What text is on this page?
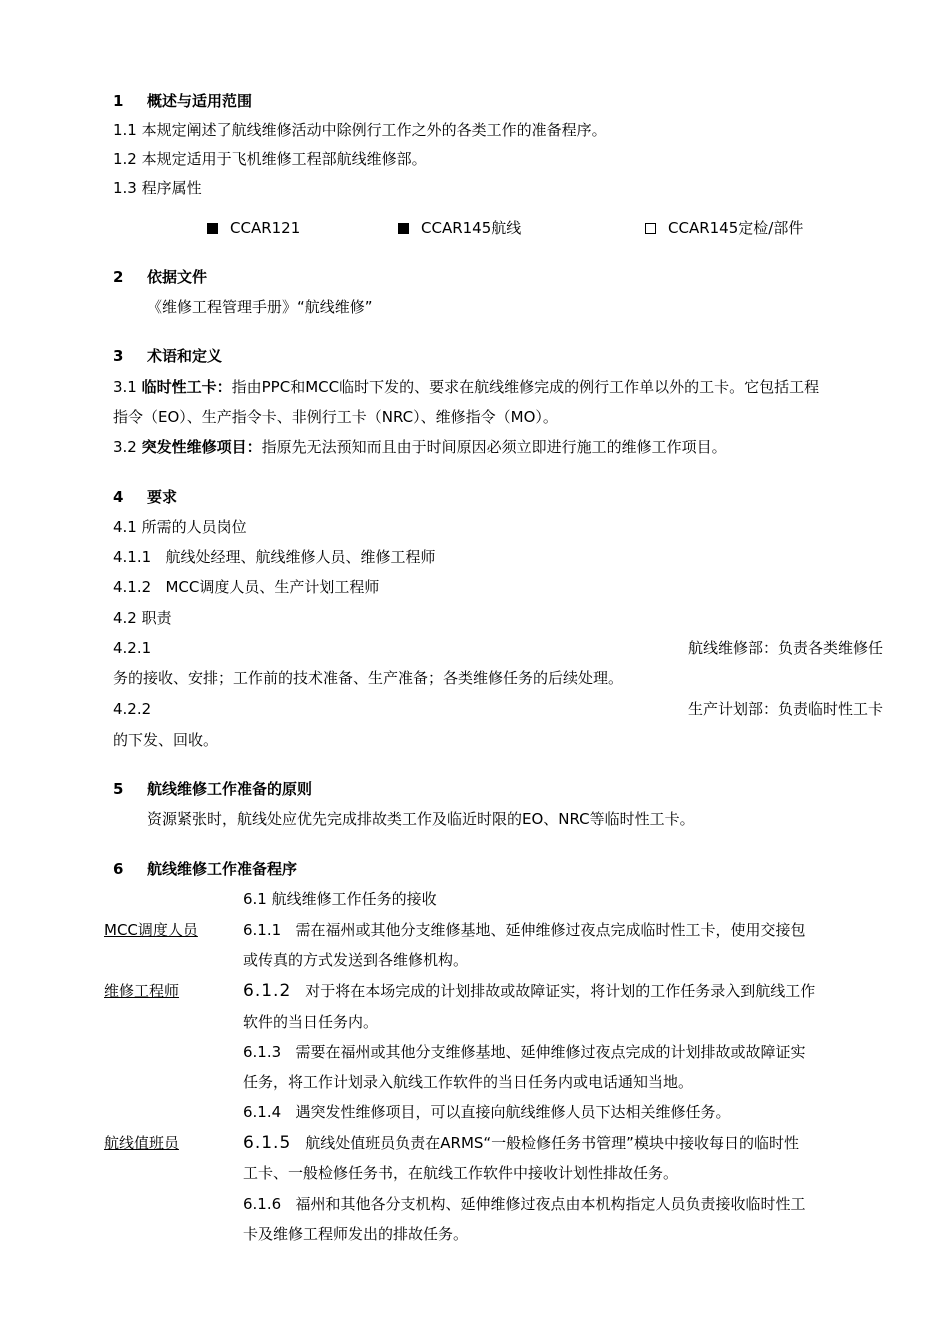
1 概述与适用范围
1.1 本规定阐述了航线维修活动中除例行工作之外的各类工作的准备程序。
1.2 本规定适用于飞机维修工程部航线维修部。
1.3 程序属性
CCAR121	CCAR145航线	CCAR145定检/部件
2 依据文件
《维修工程管理手册》“航线维修”
3 术语和定义
3.1 临时性工卡：指由PPC和MCC临时下发的、要求在航线维修完成的例行工作单以外的工卡。它包括工程
指令（EO）、生产指令卡、非例行工卡（NRC）、维修指令（MO）。
3.2 突发性维修项目：指原先无法预知而且由于时间原因必须立即进行施工的维修工作项目。
4 要求
4.1 所需的人员岗位
4.1.1   航线处经理、航线维修人员、维修工程师
4.1.2   MCC调度人员、生产计划工程师
4.2 职责
4.2.1	航线维修部：负责各类维修任
务的接收、安排；工作前的技术准备、生产准备；各类维修任务的后续处理。
4.2.2	生产计划部：负责临时性工卡
的下发、回收。
5 航线维修工作准备的原则
资源紧张时，航线处应优先完成排故类工作及临近时限的EO、NRC等临时性工卡。
6 航线维修工作准备程序
6.1 航线维修工作任务的接收
MCC调度人员	6.1.1   需在福州或其他分支维修基地、延伸维修过夜点完成临时性工卡，使用交接包
或传真的方式发送到各维修机构。
维修工程师	6.1.2 对于将在本场完成的计划排故或故障证实，将计划的工作任务录入到航线工作
软件的当日任务内。
6.1.3   需要在福州或其他分支维修基地、延伸维修过夜点完成的计划排故或故障证实
任务，将工作计划录入航线工作软件的当日任务内或电话通知当地。
6.1.4   遇突发性维修项目，可以直接向航线维修人员下达相关维修任务。
航线值班员	6.1.5 航线处值班员负责在ARMS“一般检修任务书管理”模块中接收每日的临时性
工卡、一般检修任务书，在航线工作软件中接收计划性排故任务。
6.1.6   福州和其他各分支机构、延伸维修过夜点由本机构指定人员负责接收临时性工
卡及维修工程师发出的排故任务。
